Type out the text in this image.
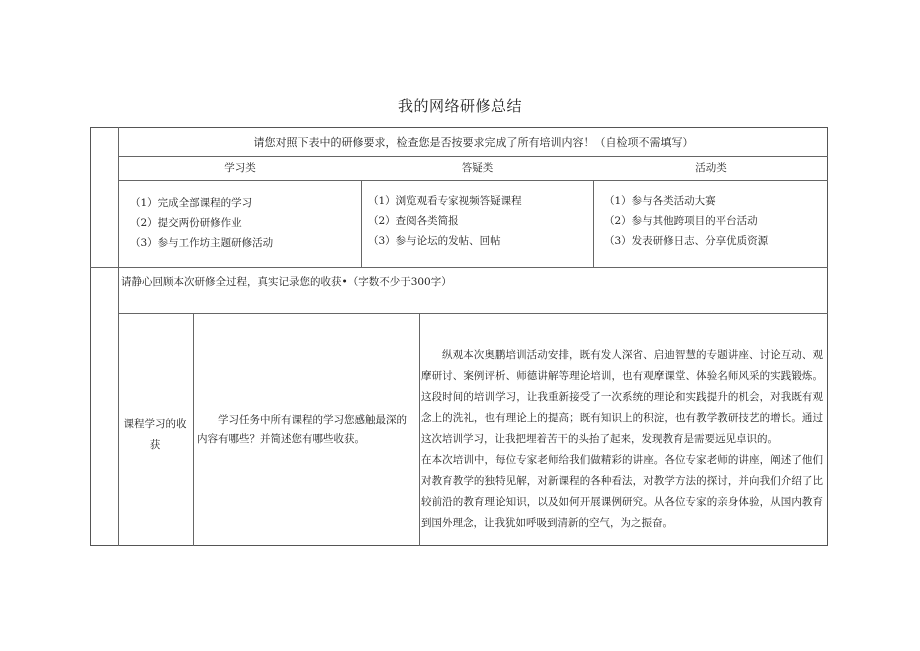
我的网络研修总结
请您对照下表中的研修要求，检查您是否按要求完成了所有培训内容！（自检项不需填写）
学习类	答疑类	活动类
（1）完成全部课程的学习
（2）提交两份研修作业
（3）参与工作坊主题研修活动
（1）浏览观看专家视频答疑课程
（2）查阅各类简报
（3）参与论坛的发帖、回帖
（1）参与各类活动大赛
（2）参与其他跨项目的平台活动
（3）发表研修日志、分享优质资源
请静心回顾本次研修全过程，真实记录您的收获•（字数不少于300字）
课程学习的收获
学习任务中所有课程的学习您感触最深的内容有哪些？并简述您有哪些收获。
纵观本次奥鹏培训活动安排，既有发人深省、启迪智慧的专题讲座、讨论互动、观摩研讨、案例评析、师德讲解等理论培训，也有观摩课堂、体验名师风采的实践锻炼。这段时间的培训学习，让我重新接受了一次系统的理论和实践提升的机会，对我既有观念上的洗礼，也有理论上的提高；既有知识上的积淀，也有教学教研技艺的增长。通过这次培训学习，让我把埋着苦干的头抬了起来，发现教育是需要远见卓识的。
在本次培训中，每位专家老师给我们做精彩的讲座。各位专家老师的讲座，阐述了他们对教育教学的独特见解，对新课程的各种看法，对教学方法的探讨，并向我们介绍了比较前沿的教育理论知识，以及如何开展课例研究。从各位专家的亲身体验，从国内教育到国外理念，让我犹如呼吸到清新的空气，为之振奋。
